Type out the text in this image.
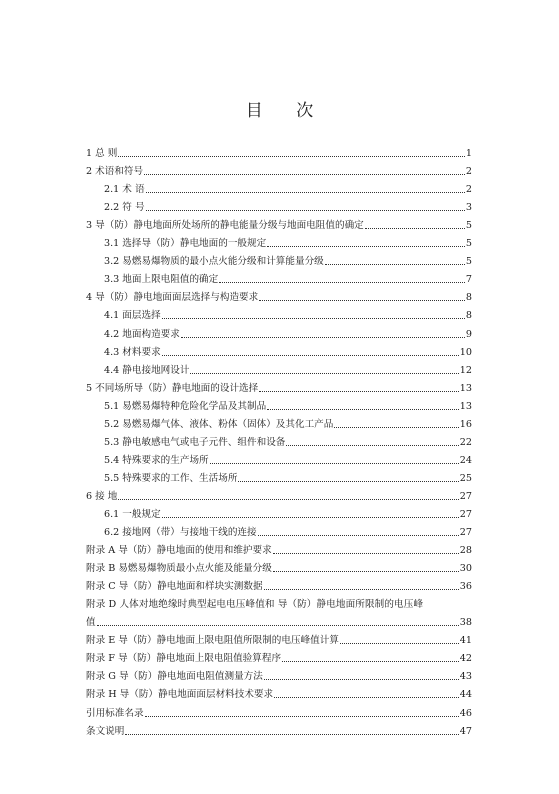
目 次
1 总 则	1
2 术语和符号	2
2.1 术 语	2
2.2 符 号	3
3 导（防）静电地面所处场所的静电能量分级与地面电阻值的确定	5
3.1 选择导（防）静电地面的一般规定	5
3.2 易燃易爆物质的最小点火能分级和计算能量分级	5
3.3 地面上限电阻值的确定	7
4 导（防）静电地面面层选择与构造要求	8
4.1 面层选择	8
4.2 地面构造要求	9
4.3 材料要求	10
4.4 静电接地网设计	12
5 不同场所导（防）静电地面的设计选择	13
5.1 易燃易爆特种危险化学品及其制品	13
5.2 易燃易爆气体、液体、粉体（固体）及其化工产品	16
5.3 静电敏感电气或电子元件、组件和设备	22
5.4 特殊要求的生产场所	24
5.5 特殊要求的工作、生活场所	25
6 接 地	27
6.1 一般规定	27
6.2 接地网（带）与接地干线的连接	27
附录 A 导（防）静电地面的使用和维护要求	28
附录 B 易燃易爆物质最小点火能及能量分级	30
附录 C 导（防）静电地面和样块实测数据	36
附录 D 人体对地绝缘时典型起电电压峰值和 导（防）静电地面所限制的电压峰
值	38
附录 E 导（防）静电地面上限电阻值所限制的电压峰值计算	41
附录 F 导（防）静电地面上限电阻值验算程序	42
附录 G 导（防）静电地面电阻值测量方法	43
附录 H 导（防）静电地面面层材料技术要求	44
引用标准名录	46
条文说明	47
